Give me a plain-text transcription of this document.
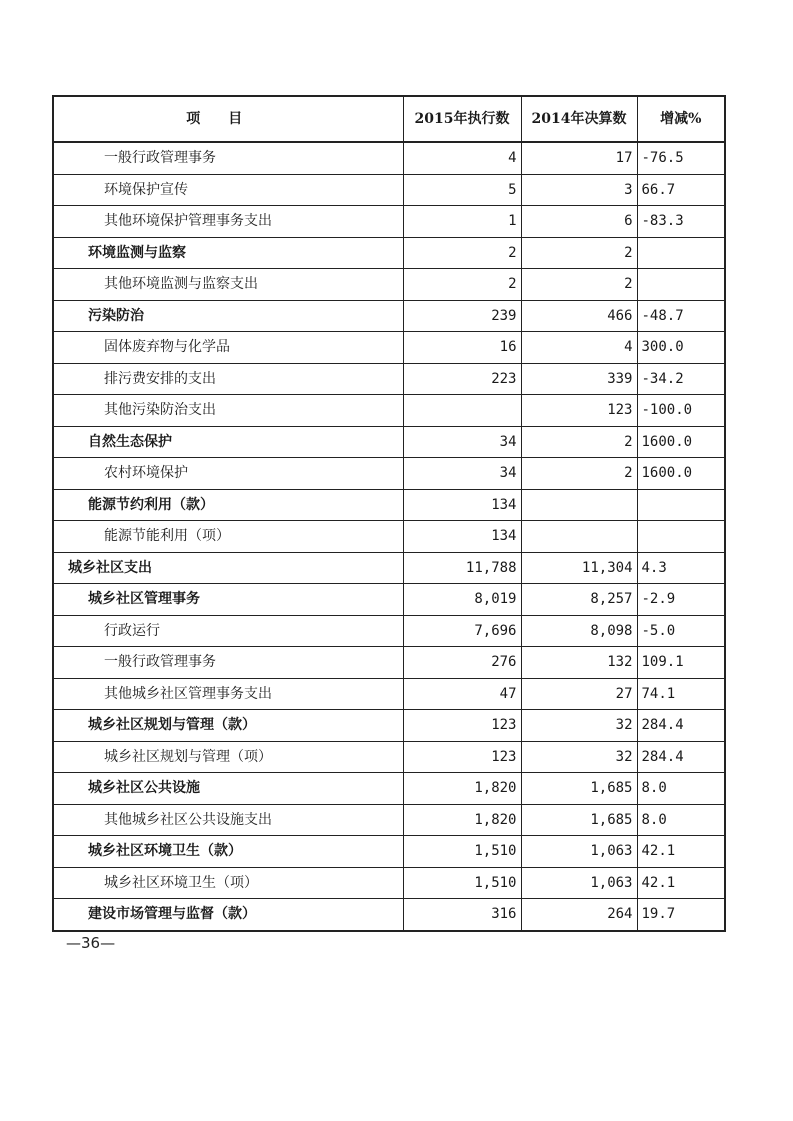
项目	2015年执行数	2014年决算数	增减%
一般行政管理事务	4	17	-76.5
环境保护宣传	5	3	66.7
其他环境保护管理事务支出	1	6	-83.3
环境监测与监察	2	2	
其他环境监测与监察支出	2	2	
污染防治	239	466	-48.7
固体废弃物与化学品	16	4	300.0
排污费安排的支出	223	339	-34.2
其他污染防治支出		123	-100.0
自然生态保护	34	2	1600.0
农村环境保护	34	2	1600.0
能源节约利用（款）	134		
能源节能利用（项）	134		
城乡社区支出	11,788	11,304	4.3
城乡社区管理事务	8,019	8,257	-2.9
行政运行	7,696	8,098	-5.0
一般行政管理事务	276	132	109.1
其他城乡社区管理事务支出	47	27	74.1
城乡社区规划与管理（款）	123	32	284.4
城乡社区规划与管理（项）	123	32	284.4
城乡社区公共设施	1,820	1,685	8.0
其他城乡社区公共设施支出	1,820	1,685	8.0
城乡社区环境卫生（款）	1,510	1,063	42.1
城乡社区环境卫生（项）	1,510	1,063	42.1
建设市场管理与监督（款）	316	264	19.7
—36—
